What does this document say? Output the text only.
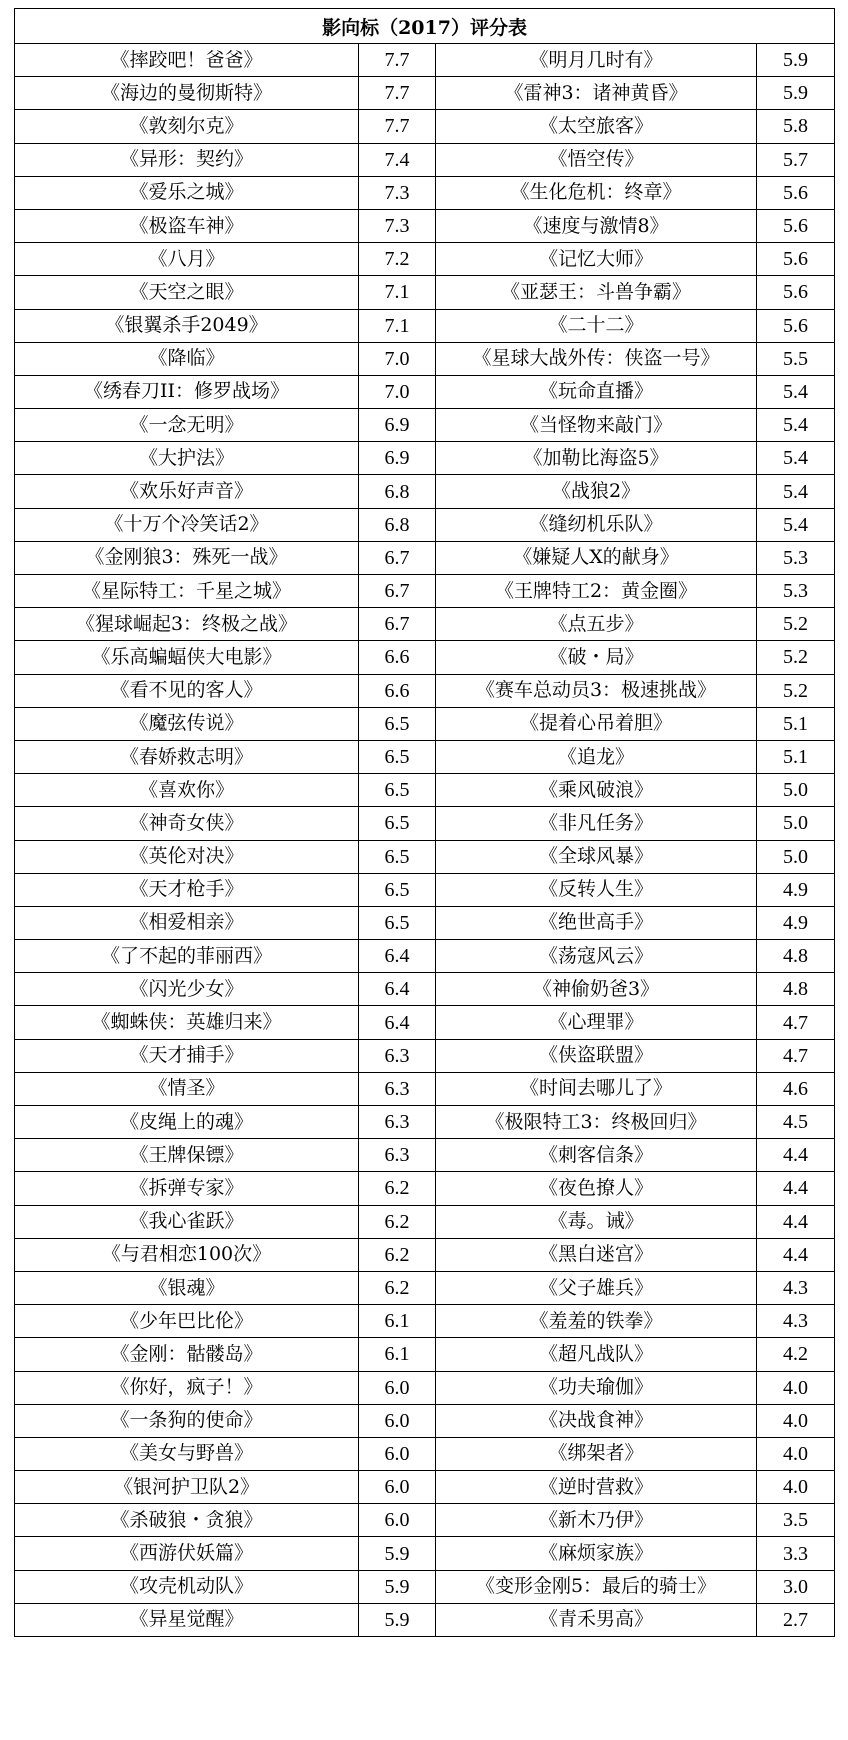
影向标（2017）评分表			
《摔跤吧！爸爸》	7.7	《明月几时有》	5.9
《海边的曼彻斯特》	7.7	《雷神3：诸神黄昏》	5.9
《敦刻尔克》	7.7	《太空旅客》	5.8
《异形：契约》	7.4	《悟空传》	5.7
《爱乐之城》	7.3	《生化危机：终章》	5.6
《极盗车神》	7.3	《速度与激情8》	5.6
《八月》	7.2	《记忆大师》	5.6
《天空之眼》	7.1	《亚瑟王：斗兽争霸》	5.6
《银翼杀手2049》	7.1	《二十二》	5.6
《降临》	7.0	《星球大战外传：侠盗一号》	5.5
《绣春刀II：修罗战场》	7.0	《玩命直播》	5.4
《一念无明》	6.9	《当怪物来敲门》	5.4
《大护法》	6.9	《加勒比海盗5》	5.4
《欢乐好声音》	6.8	《战狼2》	5.4
《十万个冷笑话2》	6.8	《缝纫机乐队》	5.4
《金刚狼3：殊死一战》	6.7	《嫌疑人X的献身》	5.3
《星际特工：千星之城》	6.7	《王牌特工2：黄金圈》	5.3
《猩球崛起3：终极之战》	6.7	《点五步》	5.2
《乐高蝙蝠侠大电影》	6.6	《破・局》	5.2
《看不见的客人》	6.6	《赛车总动员3：极速挑战》	5.2
《魔弦传说》	6.5	《提着心吊着胆》	5.1
《春娇救志明》	6.5	《追龙》	5.1
《喜欢你》	6.5	《乘风破浪》	5.0
《神奇女侠》	6.5	《非凡任务》	5.0
《英伦对决》	6.5	《全球风暴》	5.0
《天才枪手》	6.5	《反转人生》	4.9
《相爱相亲》	6.5	《绝世高手》	4.9
《了不起的菲丽西》	6.4	《荡寇风云》	4.8
《闪光少女》	6.4	《神偷奶爸3》	4.8
《蜘蛛侠：英雄归来》	6.4	《心理罪》	4.7
《天才捕手》	6.3	《侠盗联盟》	4.7
《情圣》	6.3	《时间去哪儿了》	4.6
《皮绳上的魂》	6.3	《极限特工3：终极回归》	4.5
《王牌保镖》	6.3	《刺客信条》	4.4
《拆弹专家》	6.2	《夜色撩人》	4.4
《我心雀跃》	6.2	《毒。诫》	4.4
《与君相恋100次》	6.2	《黑白迷宫》	4.4
《银魂》	6.2	《父子雄兵》	4.3
《少年巴比伦》	6.1	《羞羞的铁拳》	4.3
《金刚：骷髅岛》	6.1	《超凡战队》	4.2
《你好，疯子！》	6.0	《功夫瑜伽》	4.0
《一条狗的使命》	6.0	《决战食神》	4.0
《美女与野兽》	6.0	《绑架者》	4.0
《银河护卫队2》	6.0	《逆时营救》	4.0
《杀破狼・贪狼》	6.0	《新木乃伊》	3.5
《西游伏妖篇》	5.9	《麻烦家族》	3.3
《攻壳机动队》	5.9	《变形金刚5：最后的骑士》	3.0
《异星觉醒》	5.9	《青禾男高》	2.7
